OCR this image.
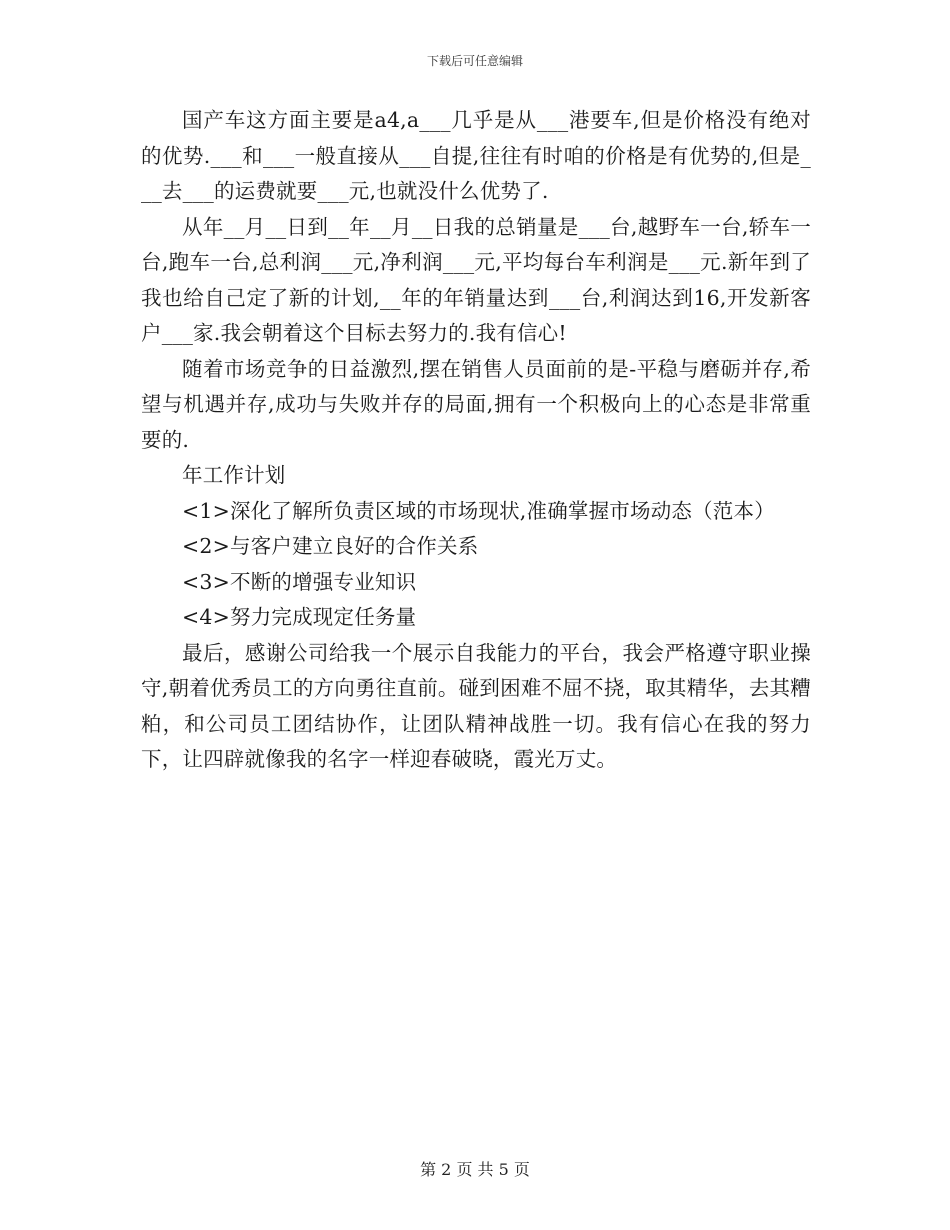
下载后可任意编辑

国产车这方面主要是a4,a___几乎是从___港要车,但是价格没有绝对的优势.___和___一般直接从___自提,往往有时咱的价格是有优势的,但是___去___的运费就要___元,也就没什么优势了.

从年__月__日到__年__月__日我的总销量是___台,越野车一台,轿车一台,跑车一台,总利润___元,净利润___元,平均每台车利润是___元.新年到了我也给自己定了新的计划,__年的年销量达到___台,利润达到16,开发新客户___家.我会朝着这个目标去努力的.我有信心!

随着市场竞争的日益激烈,摆在销售人员面前的是-平稳与磨砺并存,希望与机遇并存,成功与失败并存的局面,拥有一个积极向上的心态是非常重要的.

年工作计划

<1>深化了解所负责区域的市场现状,准确掌握市场动态（范本）

<2>与客户建立良好的合作关系

<3>不断的增强专业知识

<4>努力完成现定任务量

最后，感谢公司给我一个展示自我能力的平台，我会严格遵守职业操守,朝着优秀员工的方向勇往直前。碰到困难不屈不挠，取其精华，去其糟粕，和公司员工团结协作，让团队精神战胜一切。我有信心在我的努力下，让四辟就像我的名字一样迎春破晓，霞光万丈。

第 2 页 共 5 页
